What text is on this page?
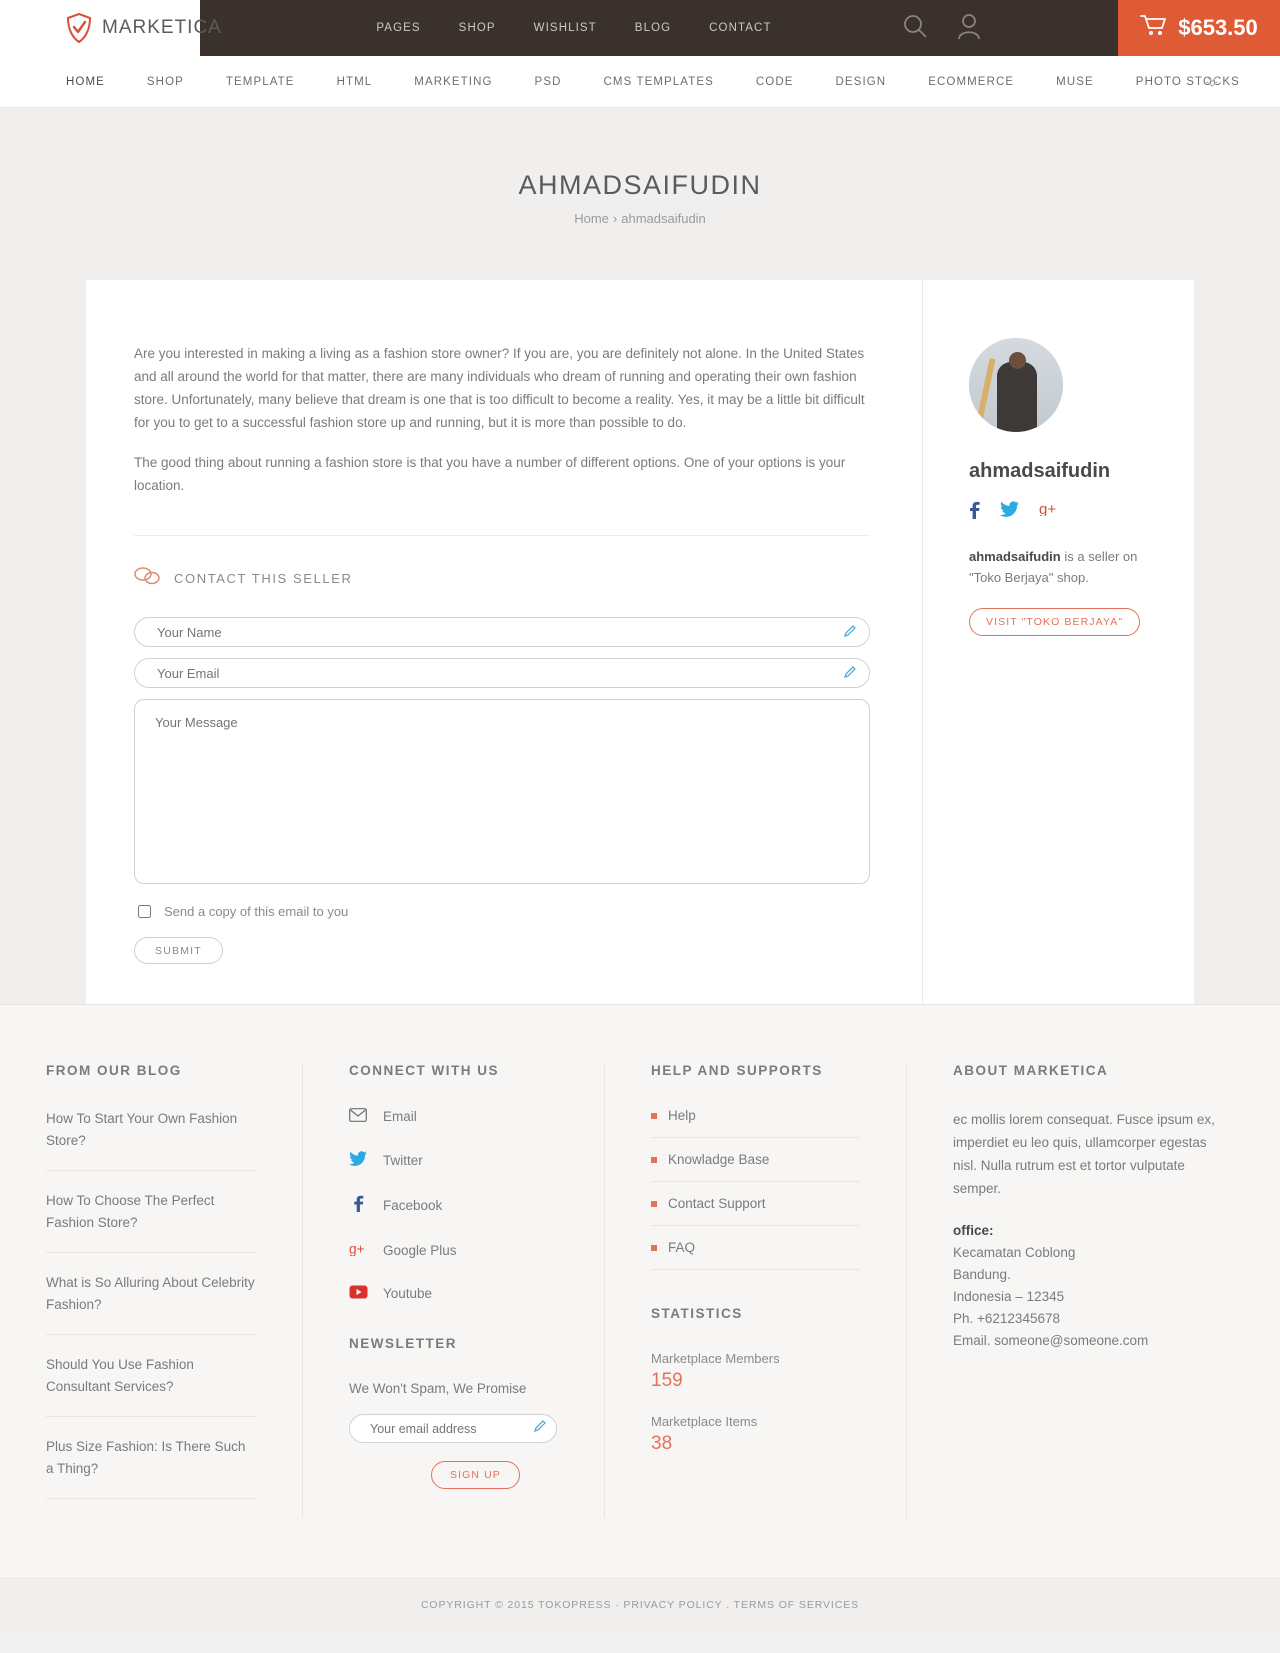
MARKETICA	PAGES	SHOP	WISHLIST	BLOG	CONTACT	$653.50
HOME	SHOP	TEMPLATE	HTML	MARKETING	PSD	CMS TEMPLATES	CODE	DESIGN	ECOMMERCE	MUSE	PHOTO STOCKS
AHMADSAIFUDIN
Home › ahmadsaifudin

Are you interested in making a living as a fashion store owner? If you are, you are definitely not alone. In the United States and all around the world for that matter, there are many individuals who dream of running and operating their own fashion store. Unfortunately, many believe that dream is one that is too difficult to become a reality. Yes, it may be a little bit difficult for you to get to a successful fashion store up and running, but it is more than possible to do.

The good thing about running a fashion store is that you have a number of different options. One of your options is your location.

CONTACT THIS SELLER
Your Name
Your Email
Your Message
Send a copy of this email to you
SUBMIT
ahmadsaifudin
g+

ahmadsaifudin is a seller on "Toko Berjaya" shop.

VISIT "TOKO BERJAYA"
FROM OUR BLOG
How To Start Your Own Fashion Store?
How To Choose The Perfect Fashion Store?
What is So Alluring About Celebrity Fashion?
Should You Use Fashion Consultant Services?
Plus Size Fashion: Is There Such a Thing?
CONNECT WITH US
Email
Twitter
Facebook
g+ Google Plus
Youtube
NEWSLETTER

We Won't Spam, We Promise

Your email address
SIGN UP
HELP AND SUPPORTS
Help
Knowladge Base
Contact Support
FAQ
STATISTICS

Marketplace Members

159

Marketplace Items

38

ABOUT MARKETICA

ec mollis lorem consequat. Fusce ipsum ex, imperdiet eu leo quis, ullamcorper egestas nisl. Nulla rutrum est et tortor vulputate semper.

office:
Kecamatan Coblong
Bandung.
Indonesia – 12345
Ph. +6212345678
Email. someone@someone.com
COPYRIGHT © 2015 TOKOPRESS · PRIVACY POLICY . TERMS OF SERVICES
